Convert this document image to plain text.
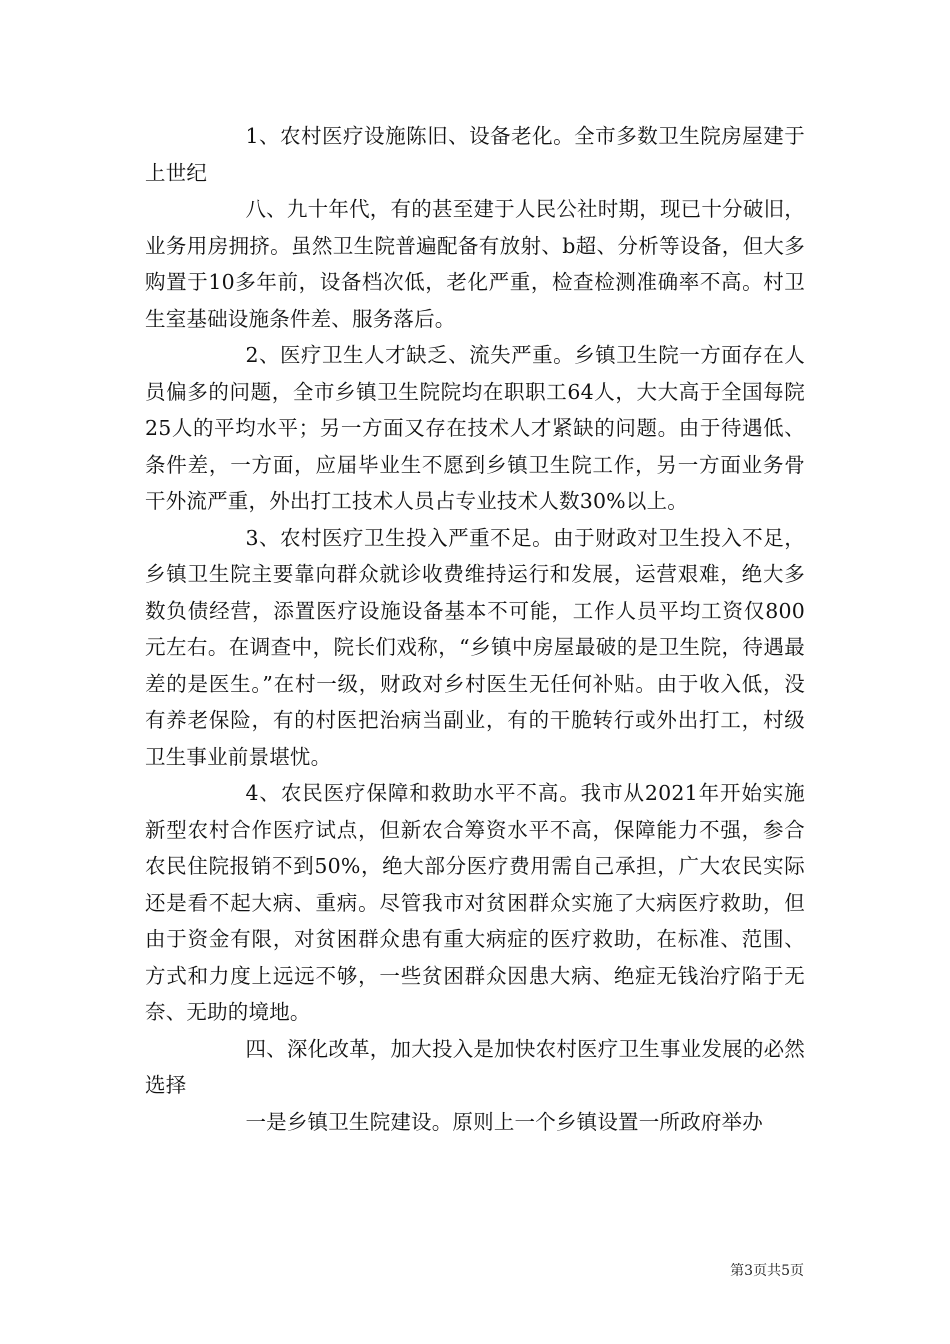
1、农村医疗设施陈旧、设备老化。全市多数卫生院房屋建于上世纪

八、九十年代，有的甚至建于人民公社时期，现已十分破旧，业务用房拥挤。虽然卫生院普遍配备有放射、b超、分析等设备，但大多购置于10多年前，设备档次低，老化严重，检查检测准确率不高。村卫生室基础设施条件差、服务落后。

2、医疗卫生人才缺乏、流失严重。乡镇卫生院一方面存在人员偏多的问题，全市乡镇卫生院院均在职职工64人，大大高于全国每院25人的平均水平；另一方面又存在技术人才紧缺的问题。由于待遇低、条件差，一方面，应届毕业生不愿到乡镇卫生院工作，另一方面业务骨干外流严重，外出打工技术人员占专业技术人数30%以上。

3、农村医疗卫生投入严重不足。由于财政对卫生投入不足，乡镇卫生院主要靠向群众就诊收费维持运行和发展，运营艰难，绝大多数负债经营，添置医疗设施设备基本不可能，工作人员平均工资仅800元左右。在调查中，院长们戏称，“乡镇中房屋最破的是卫生院，待遇最差的是医生。”在村一级，财政对乡村医生无任何补贴。由于收入低，没有养老保险，有的村医把治病当副业，有的干脆转行或外出打工，村级卫生事业前景堪忧。

4、农民医疗保障和救助水平不高。我市从2021年开始实施新型农村合作医疗试点，但新农合筹资水平不高，保障能力不强，参合农民住院报销不到50%，绝大部分医疗费用需自己承担，广大农民实际还是看不起大病、重病。尽管我市对贫困群众实施了大病医疗救助，但由于资金有限，对贫困群众患有重大病症的医疗救助，在标准、范围、方式和力度上远远不够，一些贫困群众因患大病、绝症无钱治疗陷于无奈、无助的境地。

四、深化改革，加大投入是加快农村医疗卫生事业发展的必然选择

一是乡镇卫生院建设。原则上一个乡镇设置一所政府举办

第3页共5页
